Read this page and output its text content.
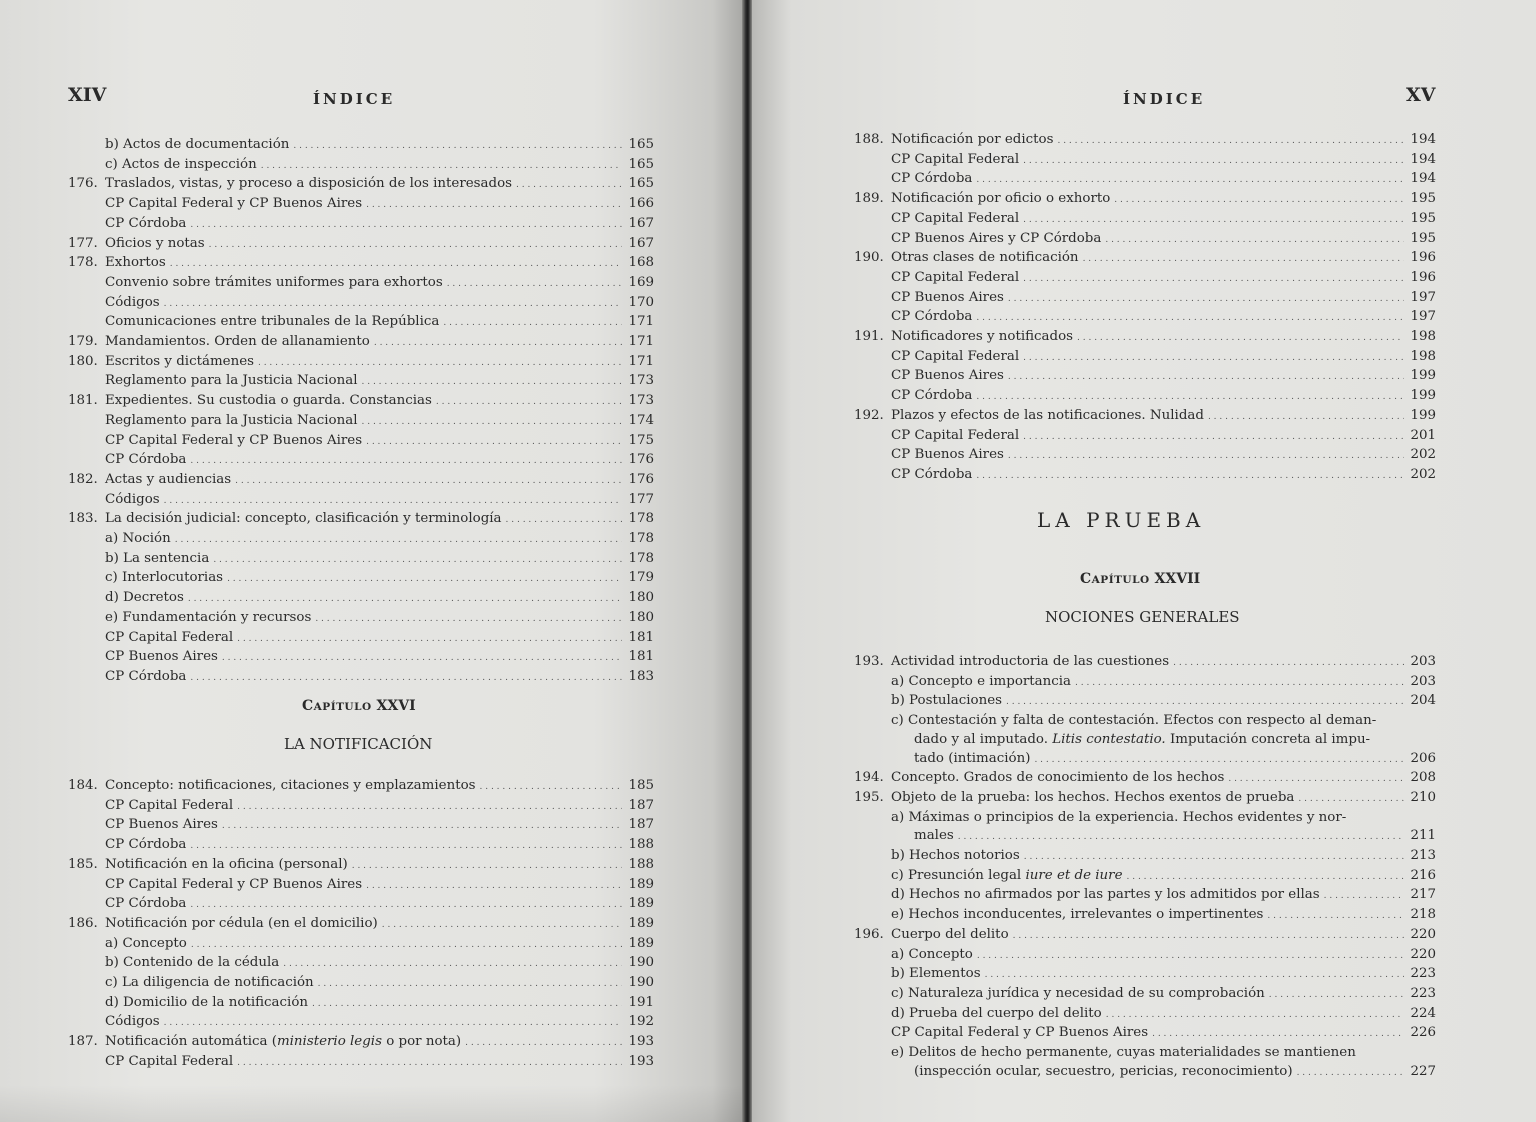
XIV	ÍNDICE
b) Actos de documentación . . .	165
c) Actos de inspección . . .	165
176. Traslados, vistas, y proceso a disposición de los interesados . . .	165
CP Capital Federal y CP Buenos Aires . . .	166
CP Córdoba . . .	167
177. Oficios y notas . . .	167
178. Exhortos . . .	168
Convenio sobre trámites uniformes para exhortos . . .	169
Códigos . . .	170
Comunicaciones entre tribunales de la República . . .	171
179. Mandamientos. Orden de allanamiento . . .	171
180. Escritos y dictámenes . . .	171
Reglamento para la Justicia Nacional . . .	173
181. Expedientes. Su custodia o guarda. Constancias . . .	173
Reglamento para la Justicia Nacional . . .	174
CP Capital Federal y CP Buenos Aires . . .	175
CP Córdoba . . .	176
182. Actas y audiencias . . .	176
Códigos . . .	177
183. La decisión judicial: concepto, clasificación y terminología . . .	178
a) Noción . . .	178
b) La sentencia . . .	178
c) Interlocutorias . . .	179
d) Decretos . . .	180
e) Fundamentación y recursos . . .	180
CP Capital Federal . . .	181
CP Buenos Aires . . .	181
CP Córdoba . . .	183
CAPÍTULO XXVI
LA NOTIFICACIÓN
184. Concepto: notificaciones, citaciones y emplazamientos . . .	185
CP Capital Federal . . .	187
CP Buenos Aires . . .	187
CP Córdoba . . .	188
185. Notificación en la oficina (personal) . . .	188
CP Capital Federal y CP Buenos Aires . . .	189
CP Córdoba . . .	189
186. Notificación por cédula (en el domicilio) . . .	189
a) Concepto . . .	189
b) Contenido de la cédula . . .	190
c) La diligencia de notificación . . .	190
d) Domicilio de la notificación . . .	191
Códigos . . .	192
187. Notificación automática (ministerio legis o por nota) . . .	193
CP Capital Federal . . .	193
ÍNDICE	XV
188. Notificación por edictos . . .	194
CP Capital Federal . . .	194
CP Córdoba . . .	194
189. Notificación por oficio o exhorto . . .	195
CP Capital Federal . . .	195
CP Buenos Aires y CP Córdoba . . .	195
190. Otras clases de notificación . . .	196
CP Capital Federal . . .	196
CP Buenos Aires . . .	197
CP Córdoba . . .	197
191. Notificadores y notificados . . .	198
CP Capital Federal . . .	198
CP Buenos Aires . . .	199
CP Córdoba . . .	199
192. Plazos y efectos de las notificaciones. Nulidad . . .	199
CP Capital Federal . . .	201
CP Buenos Aires . . .	202
CP Córdoba . . .	202
LA PRUEBA
CAPÍTULO XXVII
NOCIONES GENERALES
193. Actividad introductoria de las cuestiones . . .	203
a) Concepto e importancia . . .	203
b) Postulaciones . . .	204
c) Contestación y falta de contestación. Efectos con respecto al deman-
dado y al imputado. Litis contestatio. Imputación concreta al impu-
tado (intimación) . . .	206
194. Concepto. Grados de conocimiento de los hechos . . .	208
195. Objeto de la prueba: los hechos. Hechos exentos de prueba . . .	210
a) Máximas o principios de la experiencia. Hechos evidentes y nor-
males . . .	211
b) Hechos notorios . . .	213
c) Presunción legal iure et de iure . . .	216
d) Hechos no afirmados por las partes y los admitidos por ellas . . .	217
e) Hechos inconducentes, irrelevantes o impertinentes . . .	218
196. Cuerpo del delito . . .	220
a) Concepto . . .	220
b) Elementos . . .	223
c) Naturaleza jurídica y necesidad de su comprobación . . .	223
d) Prueba del cuerpo del delito . . .	224
CP Capital Federal y CP Buenos Aires . . .	226
e) Delitos de hecho permanente, cuyas materialidades se mantienen
(inspección ocular, secuestro, pericias, reconocimiento) . . .	227
